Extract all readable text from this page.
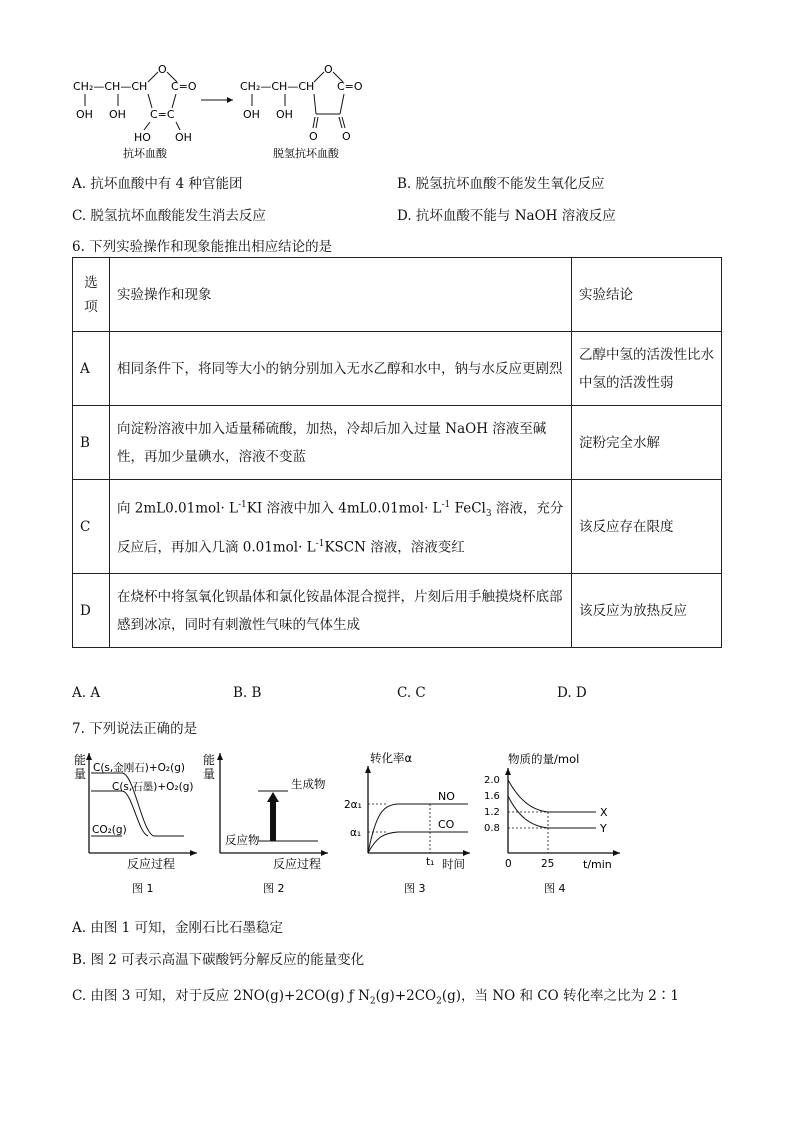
CH₂—CH—CH
OH OH
O
C=O
C=C
HO OH
抗坏血酸
CH₂—CH—CH
OH OH
O
C=O
O O
脱氢抗坏血酸
A. 抗坏血酸中有 4 种官能团	B. 脱氢抗坏血酸不能发生氧化反应
C. 脱氢抗坏血酸能发生消去反应	D. 抗坏血酸不能与 NaOH 溶液反应
6. 下列实验操作和现象能推出相应结论的是
选
项	实验操作和现象	实验结论
A	相同条件下，将同等大小的钠分别加入无水乙醇和水中，钠与水反应更剧烈	乙醇中氢的活泼性比水中氢的活泼性弱
B	向淀粉溶液中加入适量稀硫酸，加热，冷却后加入过量 NaOH 溶液至碱性，再加少量碘水，溶液不变蓝	淀粉完全水解
C	向 $2mL0.01mol\cdot L^{-1}KI$ 溶液中加入 $4mL0.01mol\cdot L^{-1}$ FeCl$_3$ 溶液，充分反应后，再加入几滴 $0.01mol\cdot L^{-1}KSCN$ 溶液，溶液变红	该反应存在限度
D	在烧杯中将氢氧化钡晶体和氯化铵晶体混合搅拌，片刻后用手触摸烧杯底部感到冰凉，同时有刺激性气味的气体生成	该反应为放热反应
A. A	B. B	C. C	D. D
7. 下列说法正确的是
能
量 C(s,金刚石)+O₂(g)
C(s,石墨)+O₂(g)
CO₂(g)
反应过程
图 1
能
量
生成物
反应物
反应过程
图 2
转化率α
2α₁
α₁
NO
CO
t₁ 时间
图 3
物质的量/mol
2.0
1.6
1.2
0.8
X
Y
0	25	t/min
图 4
A. 由图 1 可知，金刚石比石墨稳定
B. 图 2 可表示高温下碳酸钙分解反应的能量变化
C. 由图 3 可知，对于反应 2NO(g)+2CO(g) ƒ $N_2(g)+2CO_2(g)$，当 NO 和 CO 转化率之比为 2∶1
